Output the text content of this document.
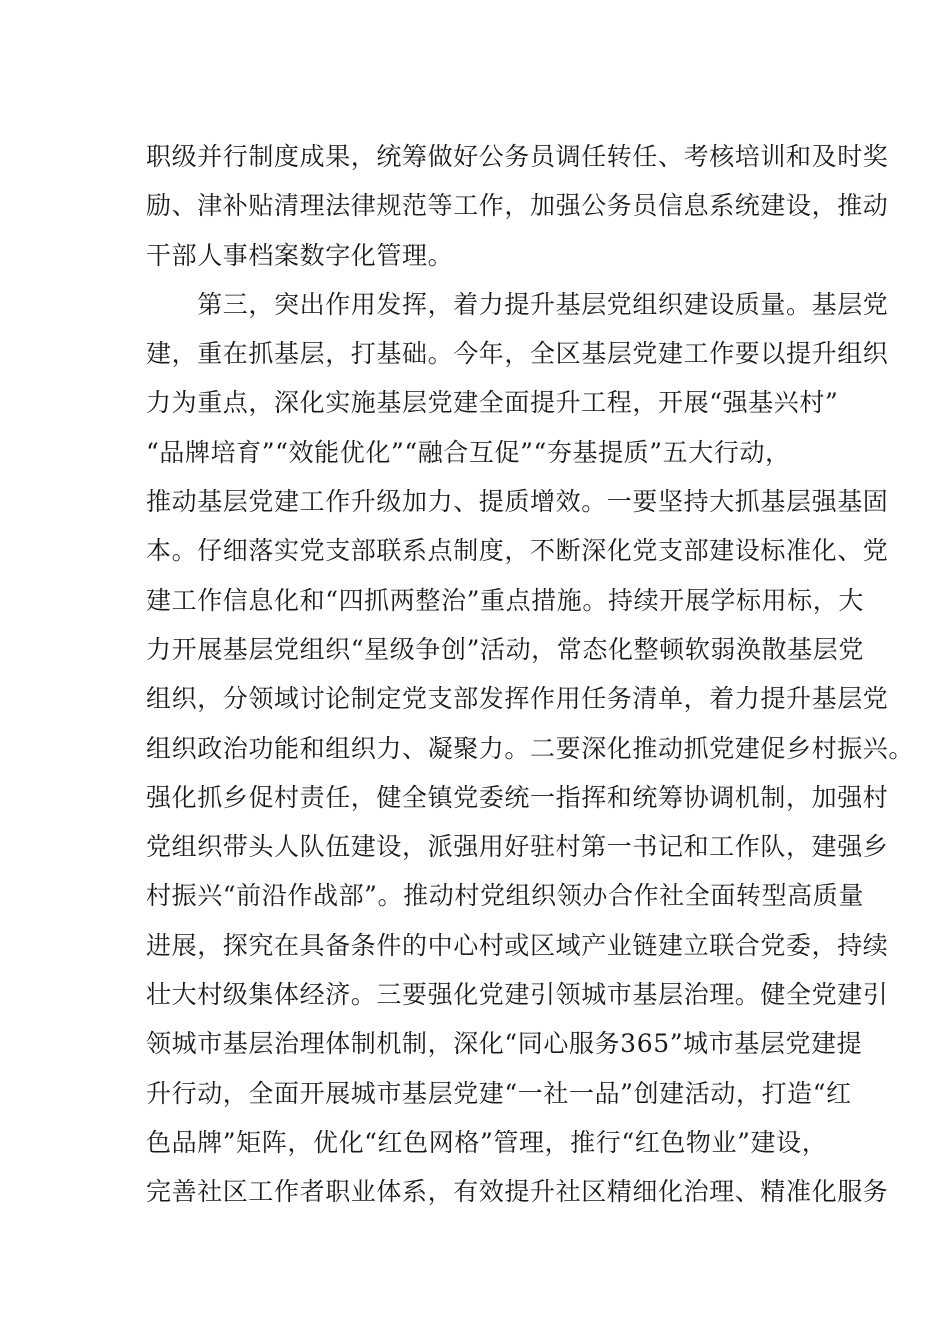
职级并行制度成果，统筹做好公务员调任转任、考核培训和及时奖
励、津补贴清理法律规范等工作，加强公务员信息系统建设，推动
干部人事档案数字化管理。
　　第三，突出作用发挥，着力提升基层党组织建设质量。基层党
建，重在抓基层，打基础。今年，全区基层党建工作要以提升组织
力为重点，深化实施基层党建全面提升工程，开展“强基兴村”
“品牌培育”“效能优化”“融合互促”“夯基提质”五大行动，
推动基层党建工作升级加力、提质增效。一要坚持大抓基层强基固
本。仔细落实党支部联系点制度，不断深化党支部建设标准化、党
建工作信息化和“四抓两整治”重点措施。持续开展学标用标，大
力开展基层党组织“星级争创”活动，常态化整顿软弱涣散基层党
组织，分领域讨论制定党支部发挥作用任务清单，着力提升基层党
组织政治功能和组织力、凝聚力。二要深化推动抓党建促乡村振兴。
强化抓乡促村责任，健全镇党委统一指挥和统筹协调机制，加强村
党组织带头人队伍建设，派强用好驻村第一书记和工作队，建强乡
村振兴“前沿作战部”。推动村党组织领办合作社全面转型高质量
进展，探究在具备条件的中心村或区域产业链建立联合党委，持续
壮大村级集体经济。三要强化党建引领城市基层治理。健全党建引
领城市基层治理体制机制，深化“同心服务365”城市基层党建提
升行动，全面开展城市基层党建“一社一品”创建活动，打造“红
色品牌”矩阵，优化“红色网格”管理，推行“红色物业”建设，
完善社区工作者职业体系，有效提升社区精细化治理、精准化服务
